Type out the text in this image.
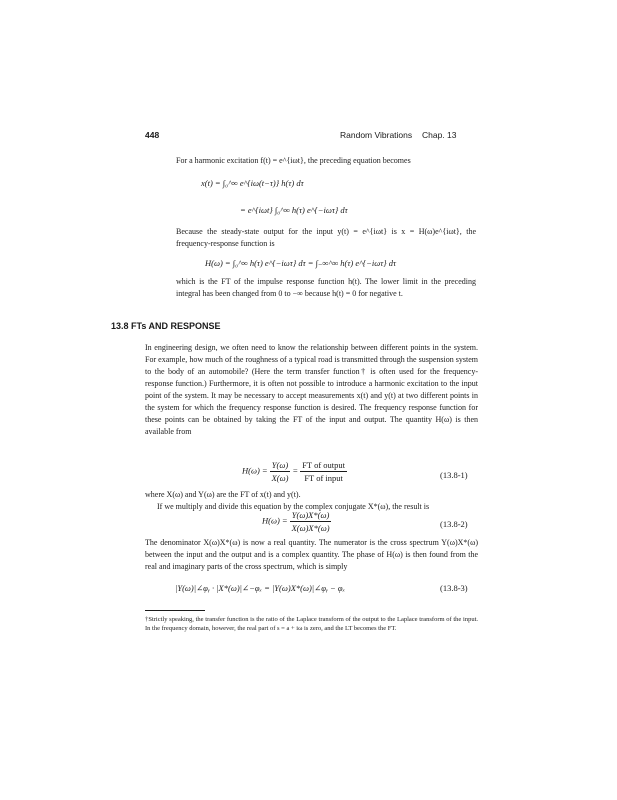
448	Random Vibrations Chap. 13
For a harmonic excitation f(t) = e^{iωt}, the preceding equation becomes
x(t) = ∫₀^∞ e^{iω(t−τ)} h(τ) dτ
= e^{iωt} ∫₀^∞ h(τ) e^{−iωτ} dτ
Because the steady-state output for the input y(t) = e^{iωt} is x = H(ω)e^{iωt}, the frequency-response function is
H(ω) = ∫₀^∞ h(τ) e^{−iωτ} dτ = ∫₋∞^∞ h(τ) e^{−iωτ} dτ
which is the FT of the impulse response function h(t). The lower limit in the preceding integral has been changed from 0 to −∞ because h(t) = 0 for negative t.
13.8 FTs AND RESPONSE
In engineering design, we often need to know the relationship between different points in the system. For example, how much of the roughness of a typical road is transmitted through the suspension system to the body of an automobile? (Here the term transfer function† is often used for the frequency-response function.) Furthermore, it is often not possible to introduce a harmonic excitation to the input point of the system. It may be necessary to accept measurements x(t) and y(t) at two different points in the system for which the frequency response function is desired. The frequency response function for these points can be obtained by taking the FT of the input and output. The quantity H(ω) is then available from
$H(\omega) = \frac{Y(\omega)}{X(\omega)} = \frac{\text{FT of output}}{\text{FT of input}}$	(13.8-1)
where X(ω) and Y(ω) are the FT of x(t) and y(t).
If we multiply and divide this equation by the complex conjugate X*(ω), the result is
$H(\omega) = \frac{Y(\omega)X*(\omega)}{X(\omega)X*(\omega)}$	(13.8-2)
The denominator X(ω)X*(ω) is now a real quantity. The numerator is the cross spectrum Y(ω)X*(ω) between the input and the output and is a complex quantity. The phase of H(ω) is then found from the real and imaginary parts of the cross spectrum, which is simply
|Y(ω)|∠φᵧ · |X*(ω)|∠−φₓ = |Y(ω)X*(ω)|∠φᵧ − φₓ	(13.8-3)
†Strictly speaking, the transfer function is the ratio of the Laplace transform of the output to the Laplace transform of the input. In the frequency domain, however, the real part of s = a + iω is zero, and the LT becomes the FT.
